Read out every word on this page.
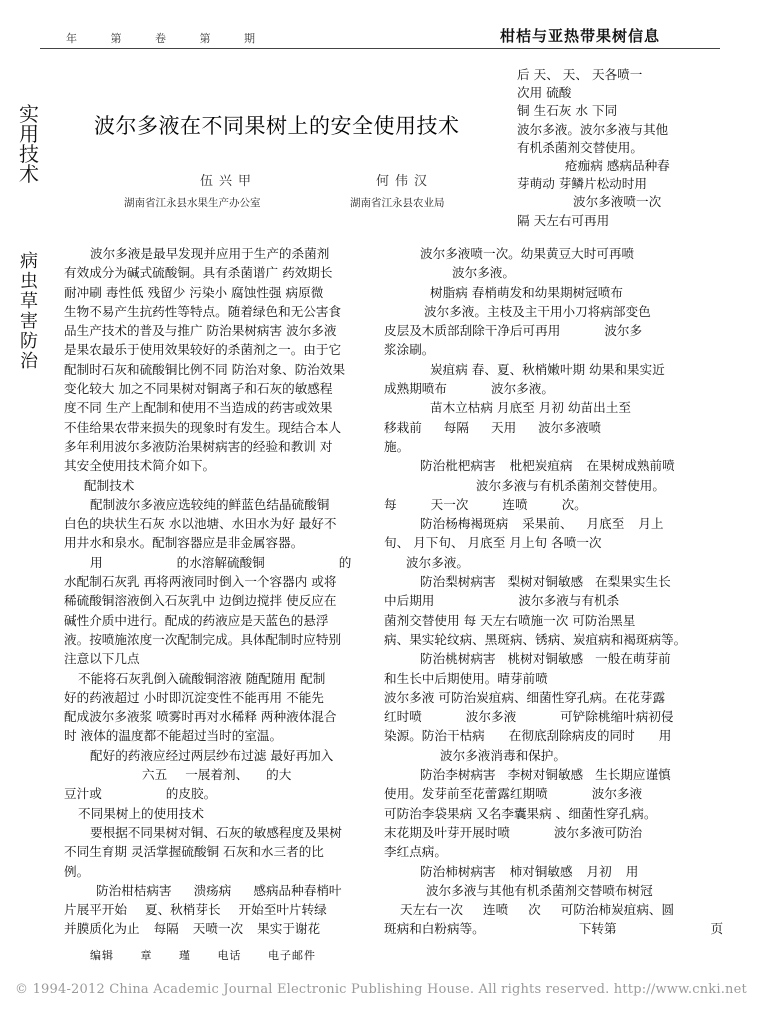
年 第 卷 第 期	柑桔与亚热带果树信息
实
用
技
术
病
虫
草
害
防
治
波尔多液在不同果树上的安全使用技术
伍兴甲	何伟汉
湖南省江永县水果生产办公室	湖南省江永县农业局

后 天、 天、 天各喷一

次用 硫酸

铜 生石灰 水 下同

波尔多液。波尔多液与其他

有机杀菌剂交替使用。

疮痂病 感病品种春

芽萌动 芽鳞片松动时用

波尔多液喷一次

隔 天左右可再用

波尔多液是最早发现并应用于生产的杀菌剂

有效成分为碱式硫酸铜。具有杀菌谱广 药效期长

耐冲刷 毒性低 残留少 污染小 腐蚀性强 病原微

生物不易产生抗药性等特点。随着绿色和无公害食

品生产技术的普及与推广 防治果树病害 波尔多液

是果农最乐于使用效果较好的杀菌剂之一。由于它

配制时石灰和硫酸铜比例不同 防治对象、防治效果

变化较大 加之不同果树对铜离子和石灰的敏感程

度不同 生产上配制和使用不当造成的药害或效果

不佳给果农带来损失的现象时有发生。现结合本人

多年利用波尔多液防治果树病害的经验和教训 对

其安全使用技术简介如下。

配制技术

配制波尔多液应选较纯的鲜蓝色结晶硫酸铜

白色的块状生石灰 水以池塘、水田水为好 最好不

用井水和泉水。配制容器应是非金属容器。

用 的水溶解硫酸铜 的

水配制石灰乳 再将两液同时倒入一个容器内 或将

稀硫酸铜溶液倒入石灰乳中 边倒边搅拌 使反应在

碱性介质中进行。配成的药液应是天蓝色的悬浮

液。按喷施浓度一次配制完成。具体配制时应特别

注意以下几点

不能将石灰乳倒入硫酸铜溶液 随配随用 配制

好的药液超过 小时即沉淀变性不能再用 不能先

配成波尔多液浆 喷雾时再对水稀释 两种液体混合

时 液体的温度都不能超过当时的室温。

配好的药液应经过两层纱布过滤 最好再加入

六五 一展着剂、 的大

豆汁或 的皮胶。

不同果树上的使用技术

要根据不同果树对铜、石灰的敏感程度及果树

不同生育期 灵活掌握硫酸铜 石灰和水三者的比

例。

防治柑桔病害 溃疡病 感病品种春梢叶

片展平开始 夏、秋梢芽长 开始至叶片转绿

并膜质化为止 每隔 天喷一次 果实于谢花

波尔多液喷一次。幼果黄豆大时可再喷

波尔多液。

树脂病 春梢萌发和幼果期树冠喷布

波尔多液。主枝及主干用小刀将病部变色

皮层及木质部刮除干净后可再用 波尔多

浆涂刷。

炭疽病 春、夏、秋梢嫩叶期 幼果和果实近

成熟期喷布 波尔多液。

苗木立枯病 月底至 月初 幼苗出土至

移栽前 每隔 天用 波尔多液喷

施。

防治枇杷病害 枇杷炭疽病 在果树成熟前喷

波尔多液与有机杀菌剂交替使用。

每 天一次 连喷 次。

防治杨梅褐斑病 采果前、 月底至 月上

旬、 月下旬、 月底至 月上旬 各喷一次

波尔多液。

防治梨树病害 梨树对铜敏感 在梨果实生长

中后期用 波尔多液与有机杀

菌剂交替使用 每 天左右喷施一次 可防治黑星

病、果实轮纹病、黑斑病、锈病、炭疽病和褐斑病等。

防治桃树病害 桃树对铜敏感 一般在萌芽前

和生长中后期使用。晴芽前喷

波尔多液 可防治炭疽病、细菌性穿孔病。在花芽露

红时喷 波尔多液 可铲除桃缩叶病初侵

染源。防治干枯病 在彻底刮除病皮的同时 用

波尔多液消毒和保护。

防治李树病害 李树对铜敏感 生长期应谨慎

使用。发芽前至花蕾露红期喷 波尔多液

可防治李袋果病 又名李囊果病 、细菌性穿孔病。

末花期及叶芽开展时喷 波尔多液可防治

李红点病。

防治柿树病害 柿对铜敏感 月初 用

波尔多液与其他有机杀菌剂交替喷布树冠

天左右一次 连喷 次 可防治柿炭疽病、圆

斑病和白粉病等。 下转第 页

编辑 章 瑾 电话 电子邮件
© 1994-2012 China Academic Journal Electronic Publishing House. All rights reserved. http://www.cnki.net
